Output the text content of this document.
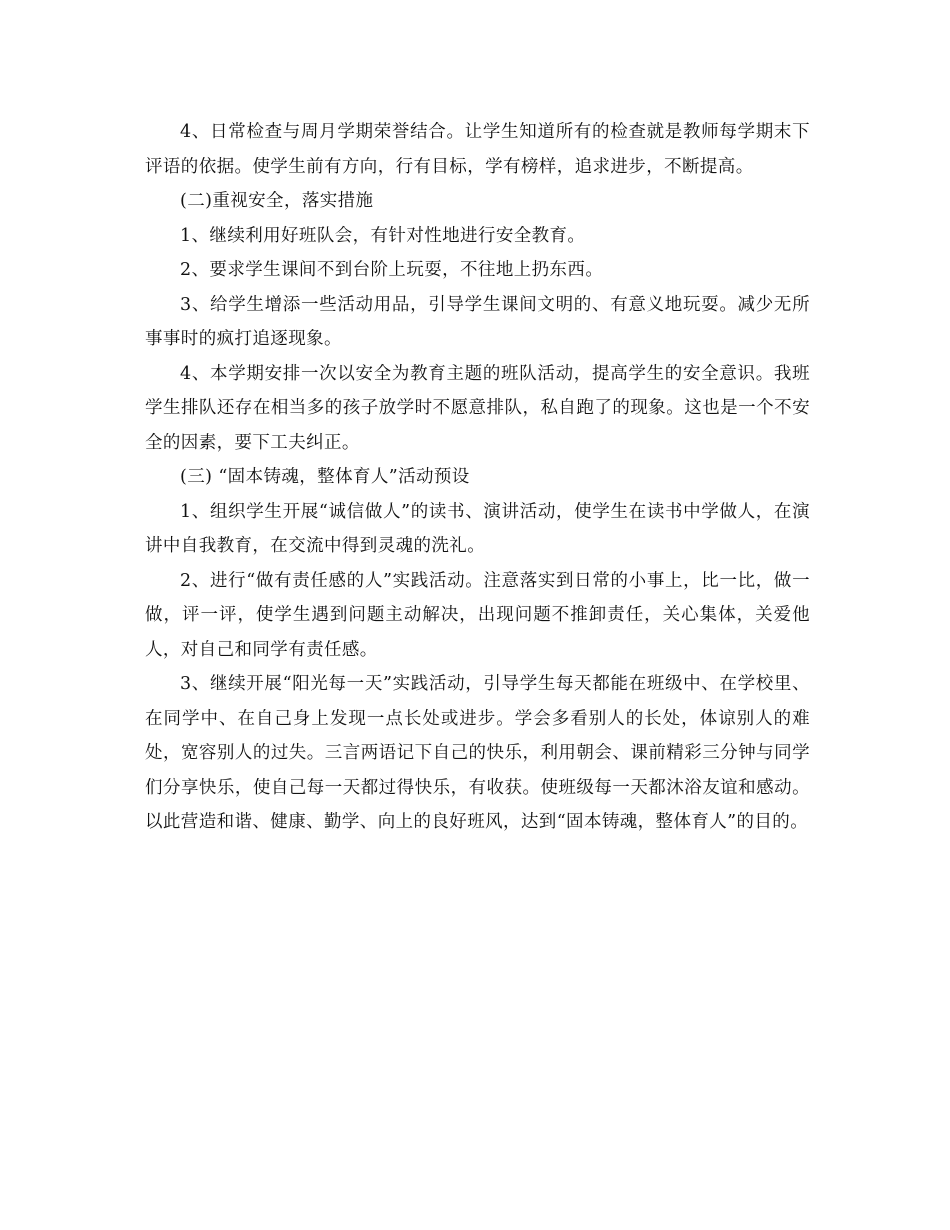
4、日常检查与周月学期荣誉结合。让学生知道所有的检查就是教师每学期末下评语的依据。使学生前有方向，行有目标，学有榜样，追求进步，不断提高。

(二)重视安全，落实措施

1、继续利用好班队会，有针对性地进行安全教育。

2、要求学生课间不到台阶上玩耍，不往地上扔东西。

3、给学生增添一些活动用品，引导学生课间文明的、有意义地玩耍。减少无所事事时的疯打追逐现象。

4、本学期安排一次以安全为教育主题的班队活动，提高学生的安全意识。我班学生排队还存在相当多的孩子放学时不愿意排队，私自跑了的现象。这也是一个不安全的因素，要下工夫纠正。

(三) “固本铸魂，整体育人”活动预设

1、组织学生开展“诚信做人”的读书、演讲活动，使学生在读书中学做人，在演讲中自我教育，在交流中得到灵魂的洗礼。

2、进行“做有责任感的人”实践活动。注意落实到日常的小事上，比一比，做一做，评一评，使学生遇到问题主动解决，出现问题不推卸责任，关心集体，关爱他人，对自己和同学有责任感。

3、继续开展“阳光每一天”实践活动，引导学生每天都能在班级中、在学校里、在同学中、在自己身上发现一点长处或进步。学会多看别人的长处，体谅别人的难处，宽容别人的过失。三言两语记下自己的快乐，利用朝会、课前精彩三分钟与同学们分享快乐，使自己每一天都过得快乐，有收获。使班级每一天都沐浴友谊和感动。以此营造和谐、健康、勤学、向上的良好班风，达到“固本铸魂，整体育人”的目的。
